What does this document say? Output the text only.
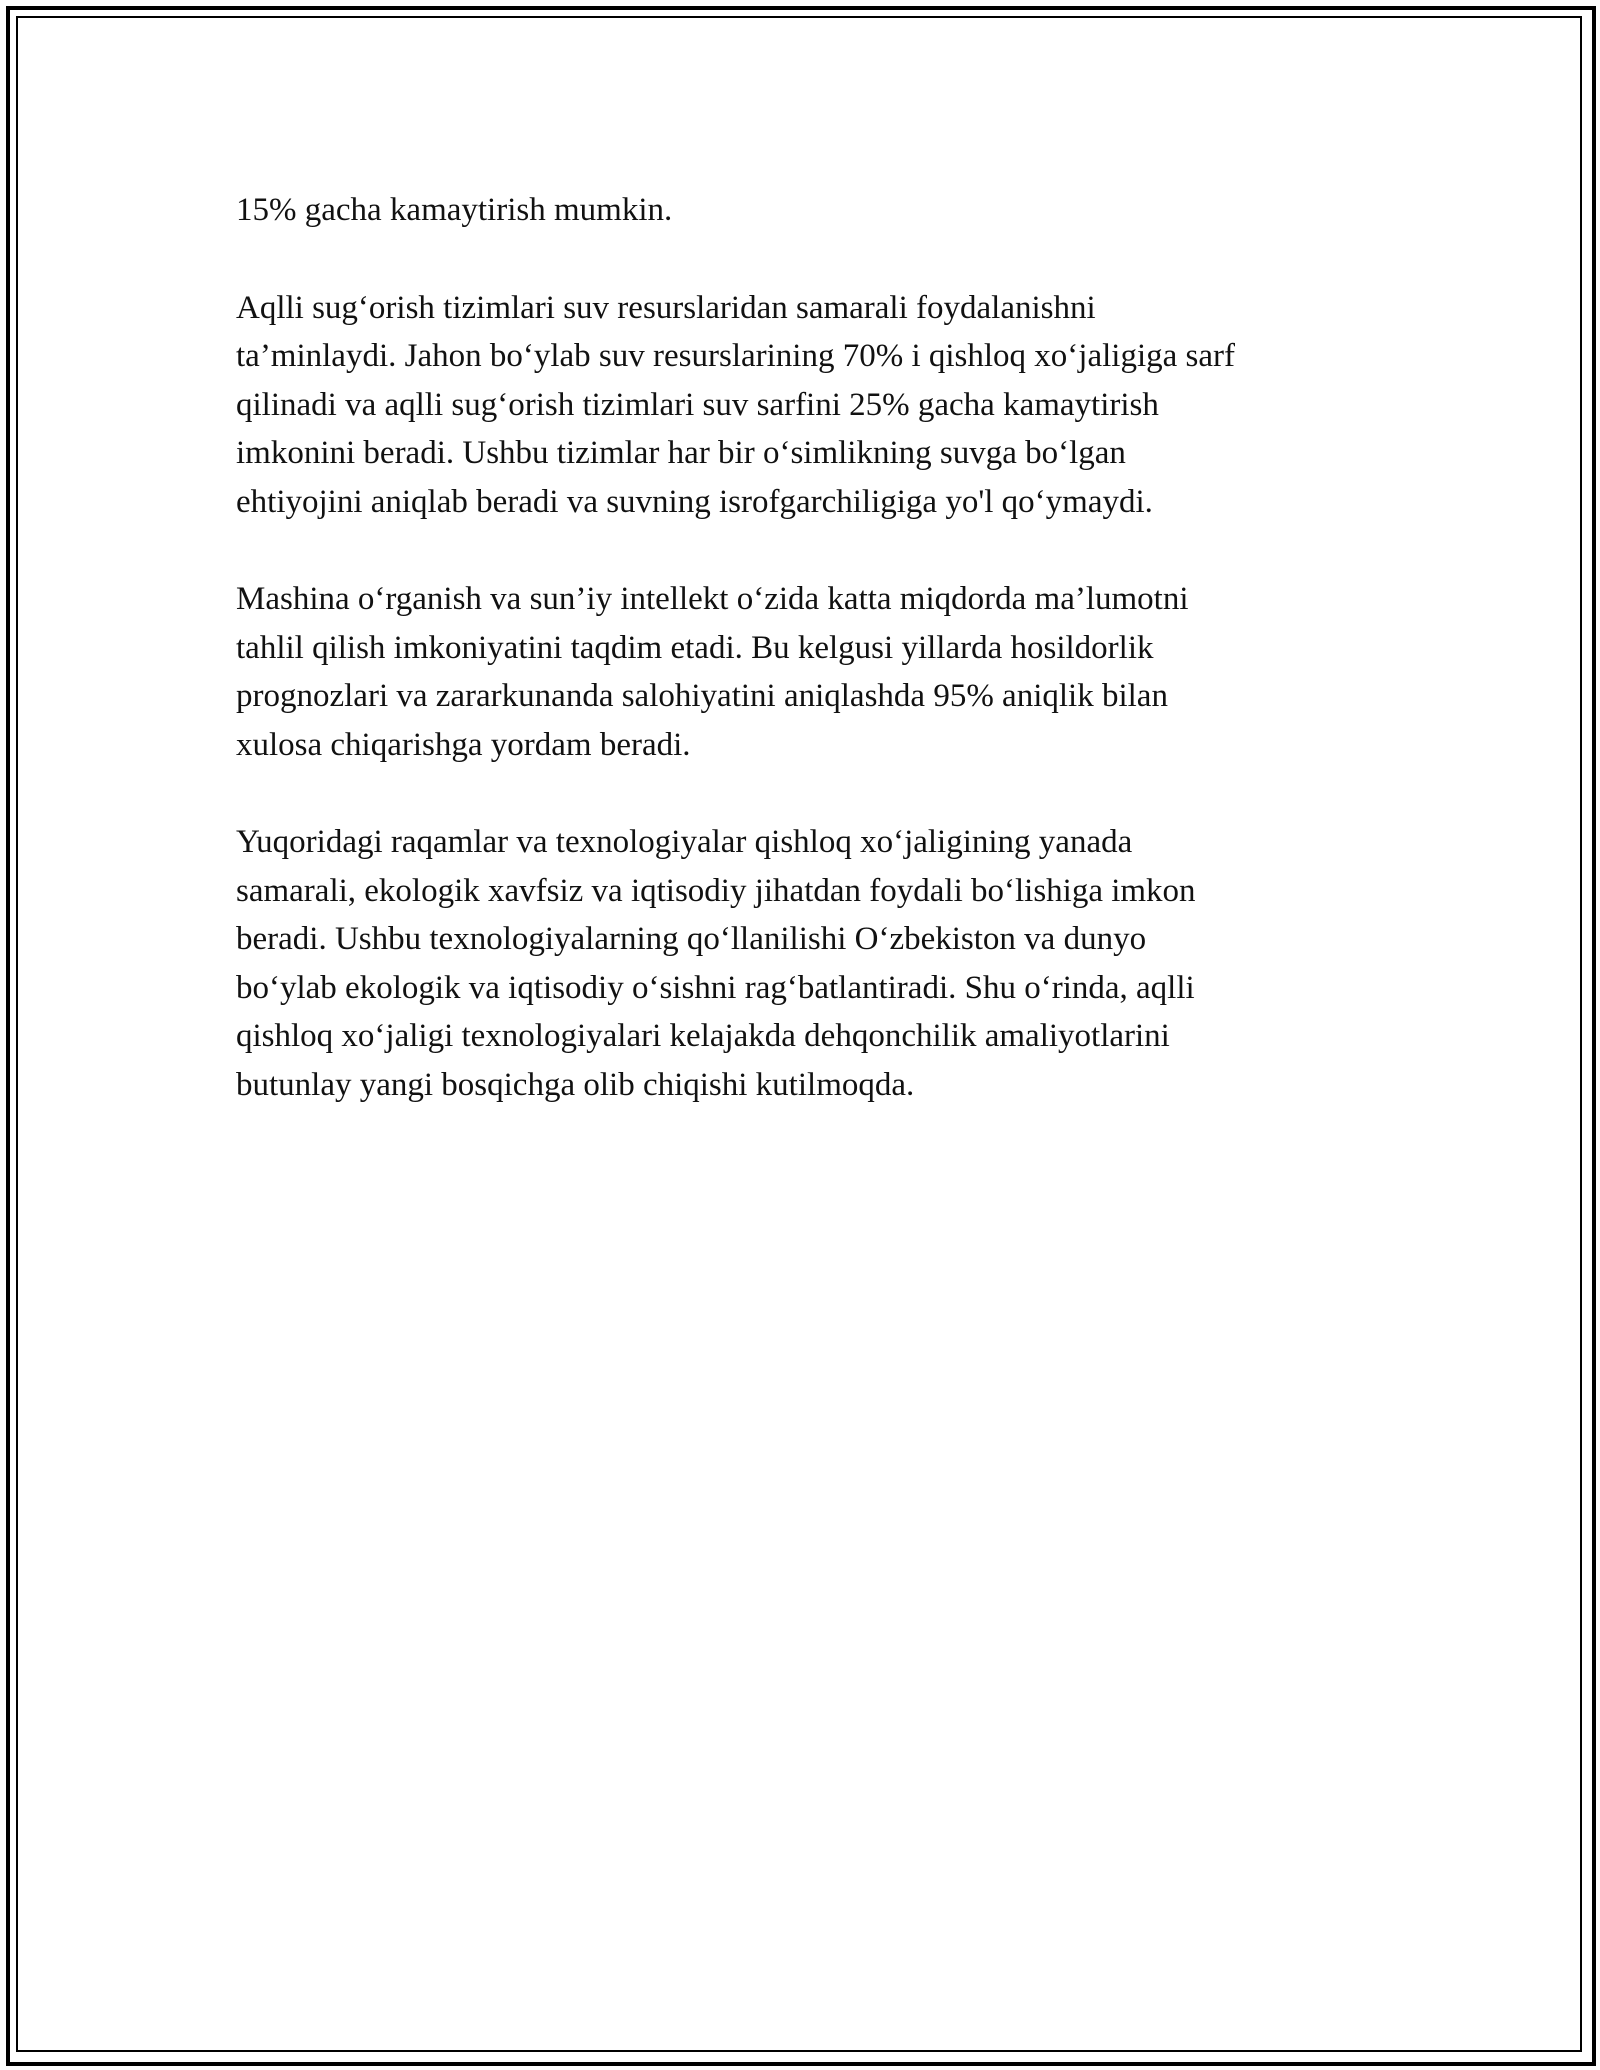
15% gacha kamaytirish mumkin.

Aqlli sug‘orish tizimlari suv resurslaridan samarali foydalanishni
ta’minlaydi. Jahon bo‘ylab suv resurslarining 70% i qishloq xo‘jaligiga sarf
qilinadi va aqlli sug‘orish tizimlari suv sarfini 25% gacha kamaytirish
imkonini beradi. Ushbu tizimlar har bir o‘simlikning suvga bo‘lgan
ehtiyojini aniqlab beradi va suvning isrofgarchiligiga yo'l qo‘ymaydi.

Mashina o‘rganish va sun’iy intellekt o‘zida katta miqdorda ma’lumotni
tahlil qilish imkoniyatini taqdim etadi. Bu kelgusi yillarda hosildorlik
prognozlari va zararkunanda salohiyatini aniqlashda 95% aniqlik bilan
xulosa chiqarishga yordam beradi.

Yuqoridagi raqamlar va texnologiyalar qishloq xo‘jaligining yanada
samarali, ekologik xavfsiz va iqtisodiy jihatdan foydali bo‘lishiga imkon
beradi. Ushbu texnologiyalarning qo‘llanilishi O‘zbekiston va dunyo
bo‘ylab ekologik va iqtisodiy o‘sishni rag‘batlantiradi. Shu o‘rinda, aqlli
qishloq xo‘jaligi texnologiyalari kelajakda dehqonchilik amaliyotlarini
butunlay yangi bosqichga olib chiqishi kutilmoqda.
